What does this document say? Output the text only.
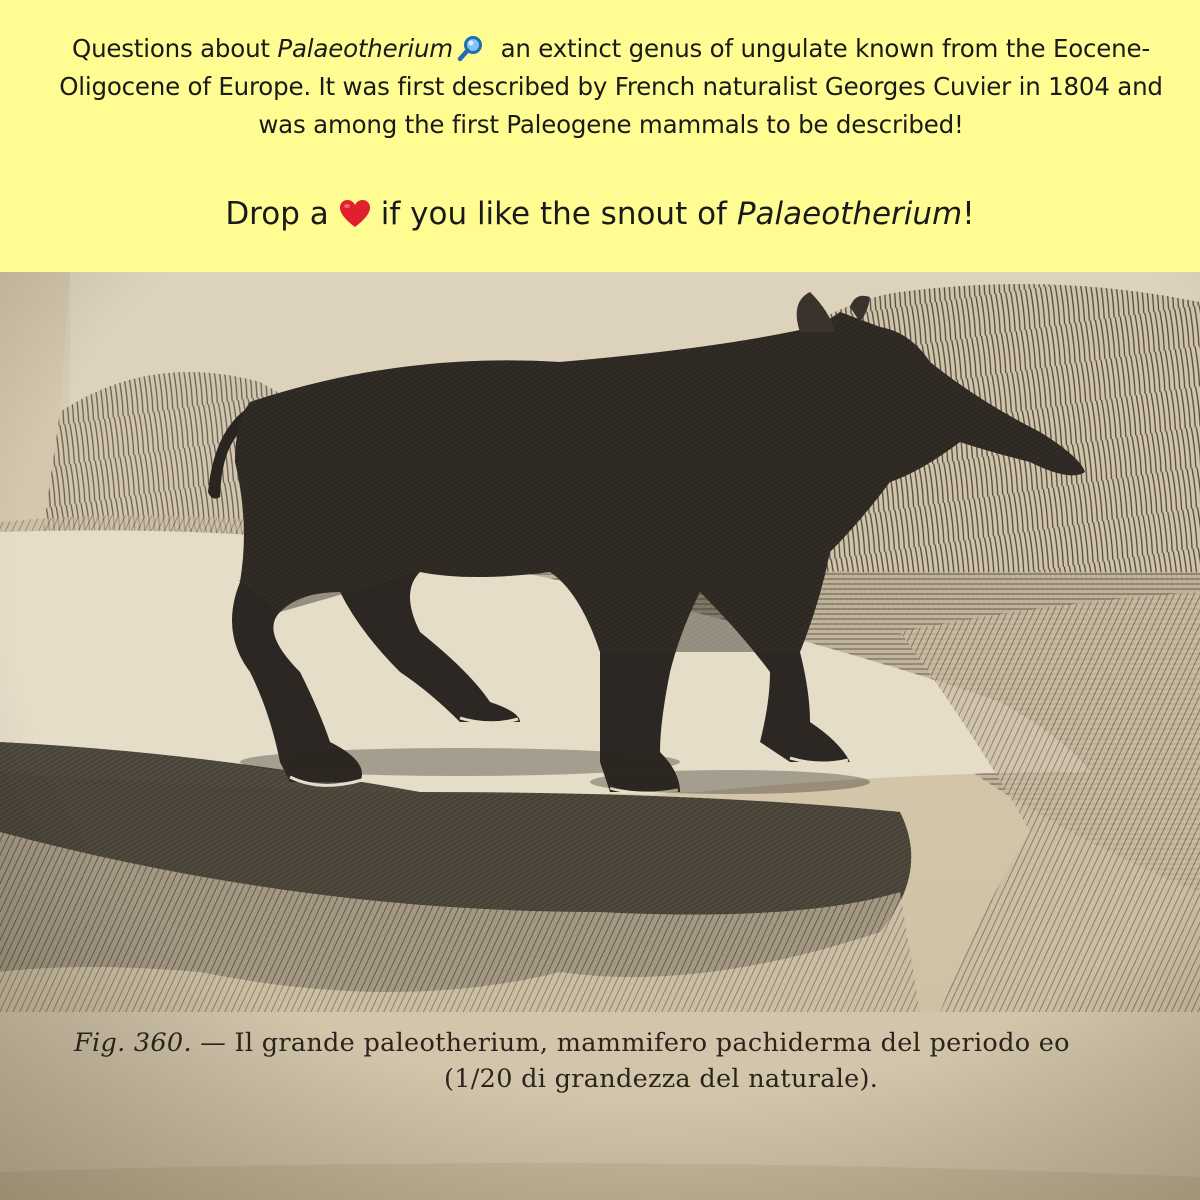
Questions about Palaeotherium an extinct genus of ungulate known from the Eocene-Oligocene of Europe. It was first described by French naturalist Georges Cuvier in 1804 and was among the first Paleogene mammals to be described!
Drop a if you like the snout of Palaeotherium!
Fig. 360. — Il grande paleotherium, mammifero pachiderma del periodo eo
(1/20 di grandezza del naturale).
